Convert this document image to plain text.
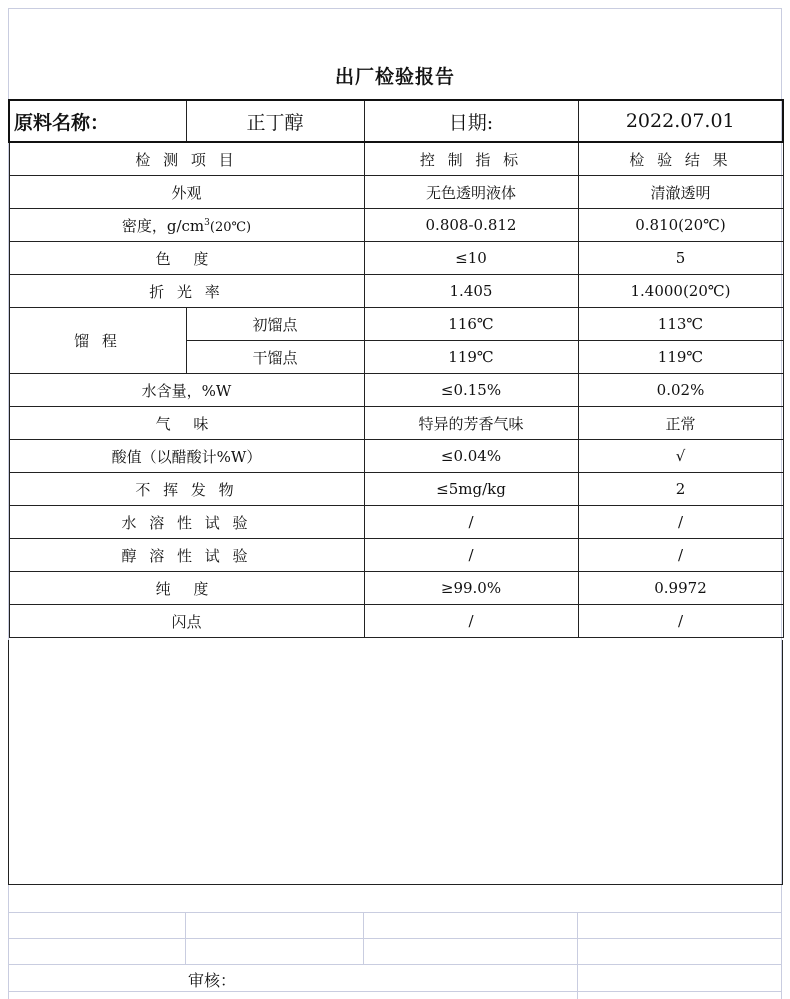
出厂检验报告
原料名称：	正丁醇	日期:	2022.07.01
检 测 项 目		控 制 指 标	检 验 结 果
外观		无色透明液体	清澈透明
密度，$g/cm^3(20℃)$		0.808-0.812	0.810(20℃)
色 度		≤10	5
折 光 率		1.405	1.4000(20℃)
馏 程	初馏点	116℃	113℃
	干馏点	119℃	119℃
水含量，%W		≤0.15%	0.02%
气 味		特异的芳香气味	正常
酸值（以醋酸计%W）		≤0.04%	√
不 挥 发 物		≤5mg/kg	2
水 溶 性 试 验		/	/
醇 溶 性 试 验		/	/
纯 度		≥99.0%	0.9972
闪点		/	/
审核：
